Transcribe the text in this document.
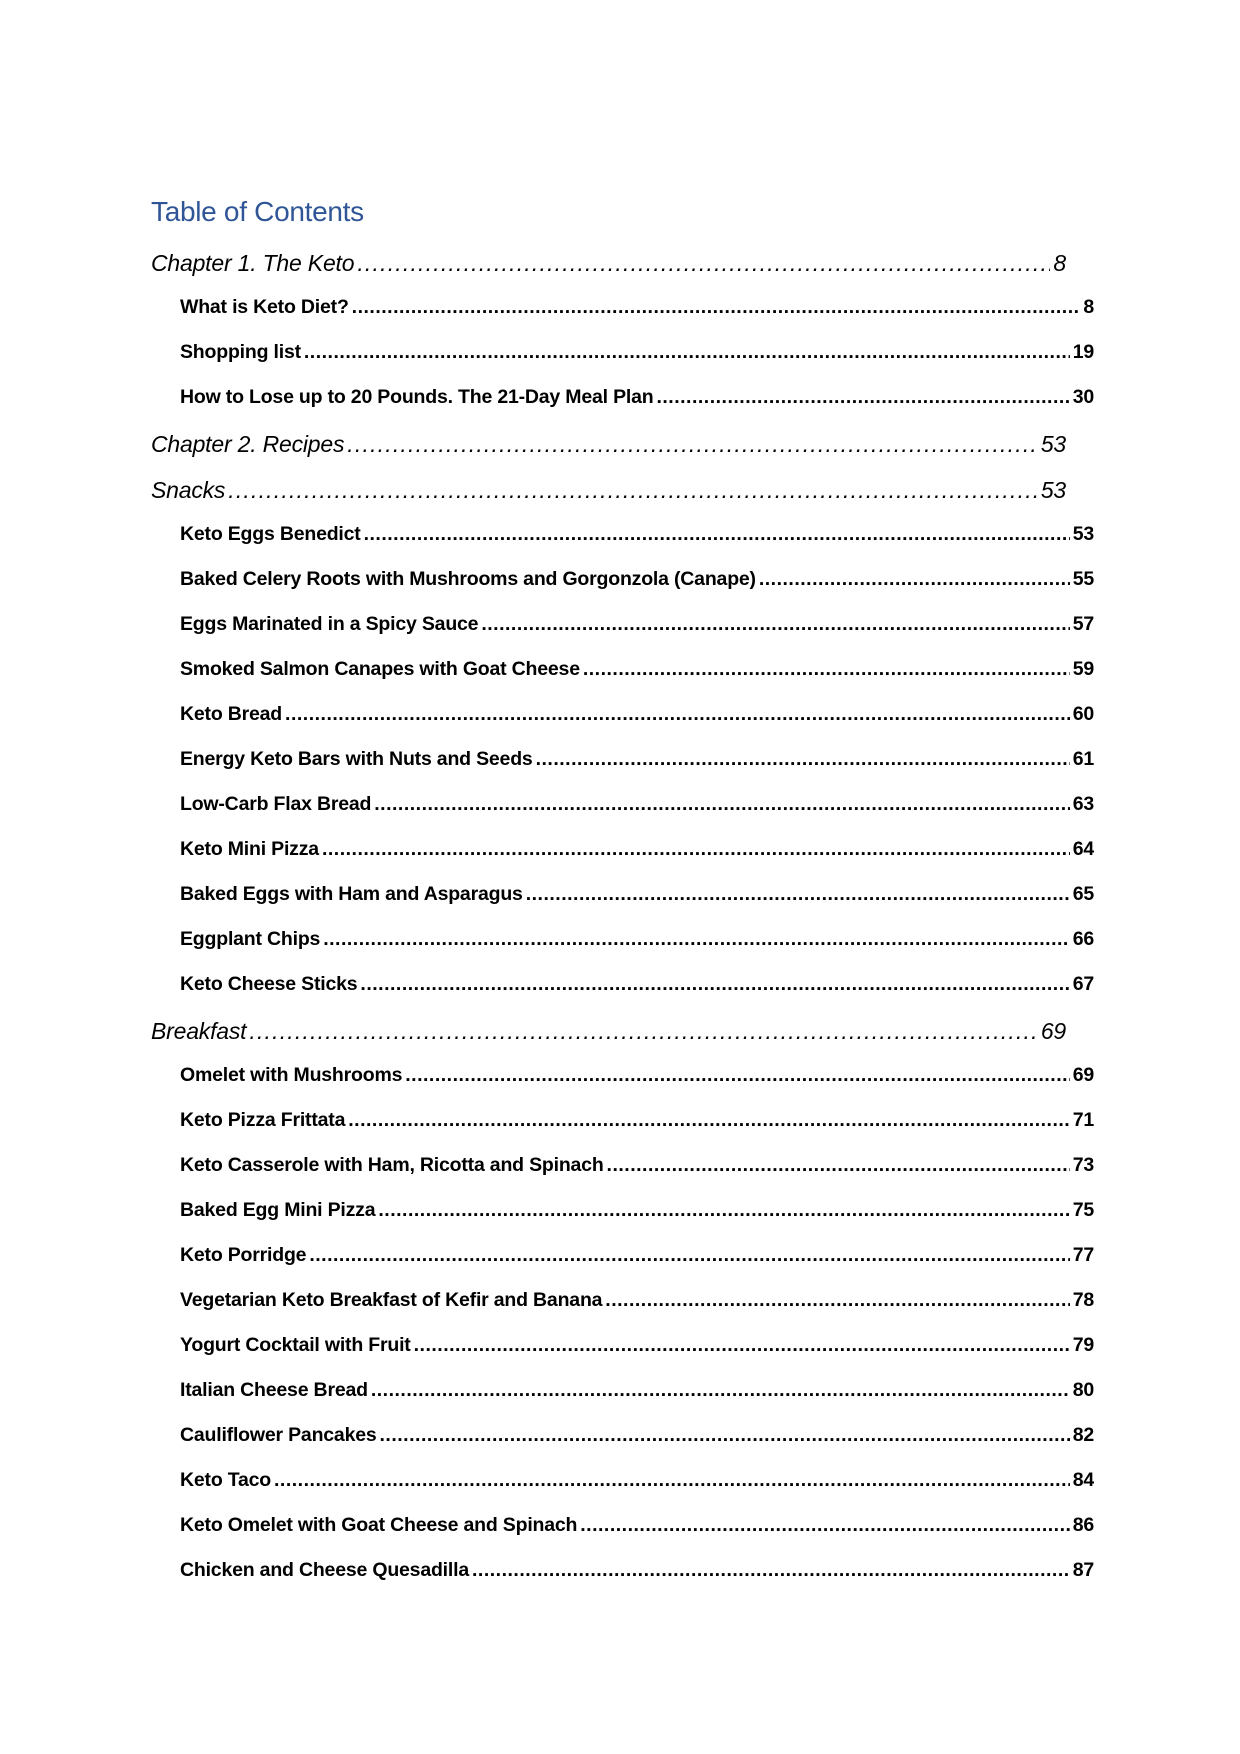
Table of Contents
Chapter 1. The Keto .....	8
What is Keto Diet? .....	8
Shopping list .....	19
How to Lose up to 20 Pounds. The 21-Day Meal Plan .....	30
Chapter 2. Recipes .....	53
Snacks .....	53
Keto Eggs Benedict .....	53
Baked Celery Roots with Mushrooms and Gorgonzola (Canape) .....	55
Eggs Marinated in a Spicy Sauce .....	57
Smoked Salmon Canapes with Goat Cheese .....	59
Keto Bread .....	60
Energy Keto Bars with Nuts and Seeds .....	61
Low-Carb Flax Bread .....	63
Keto Mini Pizza .....	64
Baked Eggs with Ham and Asparagus .....	65
Eggplant Chips .....	66
Keto Cheese Sticks .....	67
Breakfast .....	69
Omelet with Mushrooms .....	69
Keto Pizza Frittata .....	71
Keto Casserole with Ham, Ricotta and Spinach .....	73
Baked Egg Mini Pizza .....	75
Keto Porridge .....	77
Vegetarian Keto Breakfast of Kefir and Banana .....	78
Yogurt Cocktail with Fruit .....	79
Italian Cheese Bread .....	80
Cauliflower Pancakes .....	82
Keto Taco .....	84
Keto Omelet with Goat Cheese and Spinach .....	86
Chicken and Cheese Quesadilla .....	87
